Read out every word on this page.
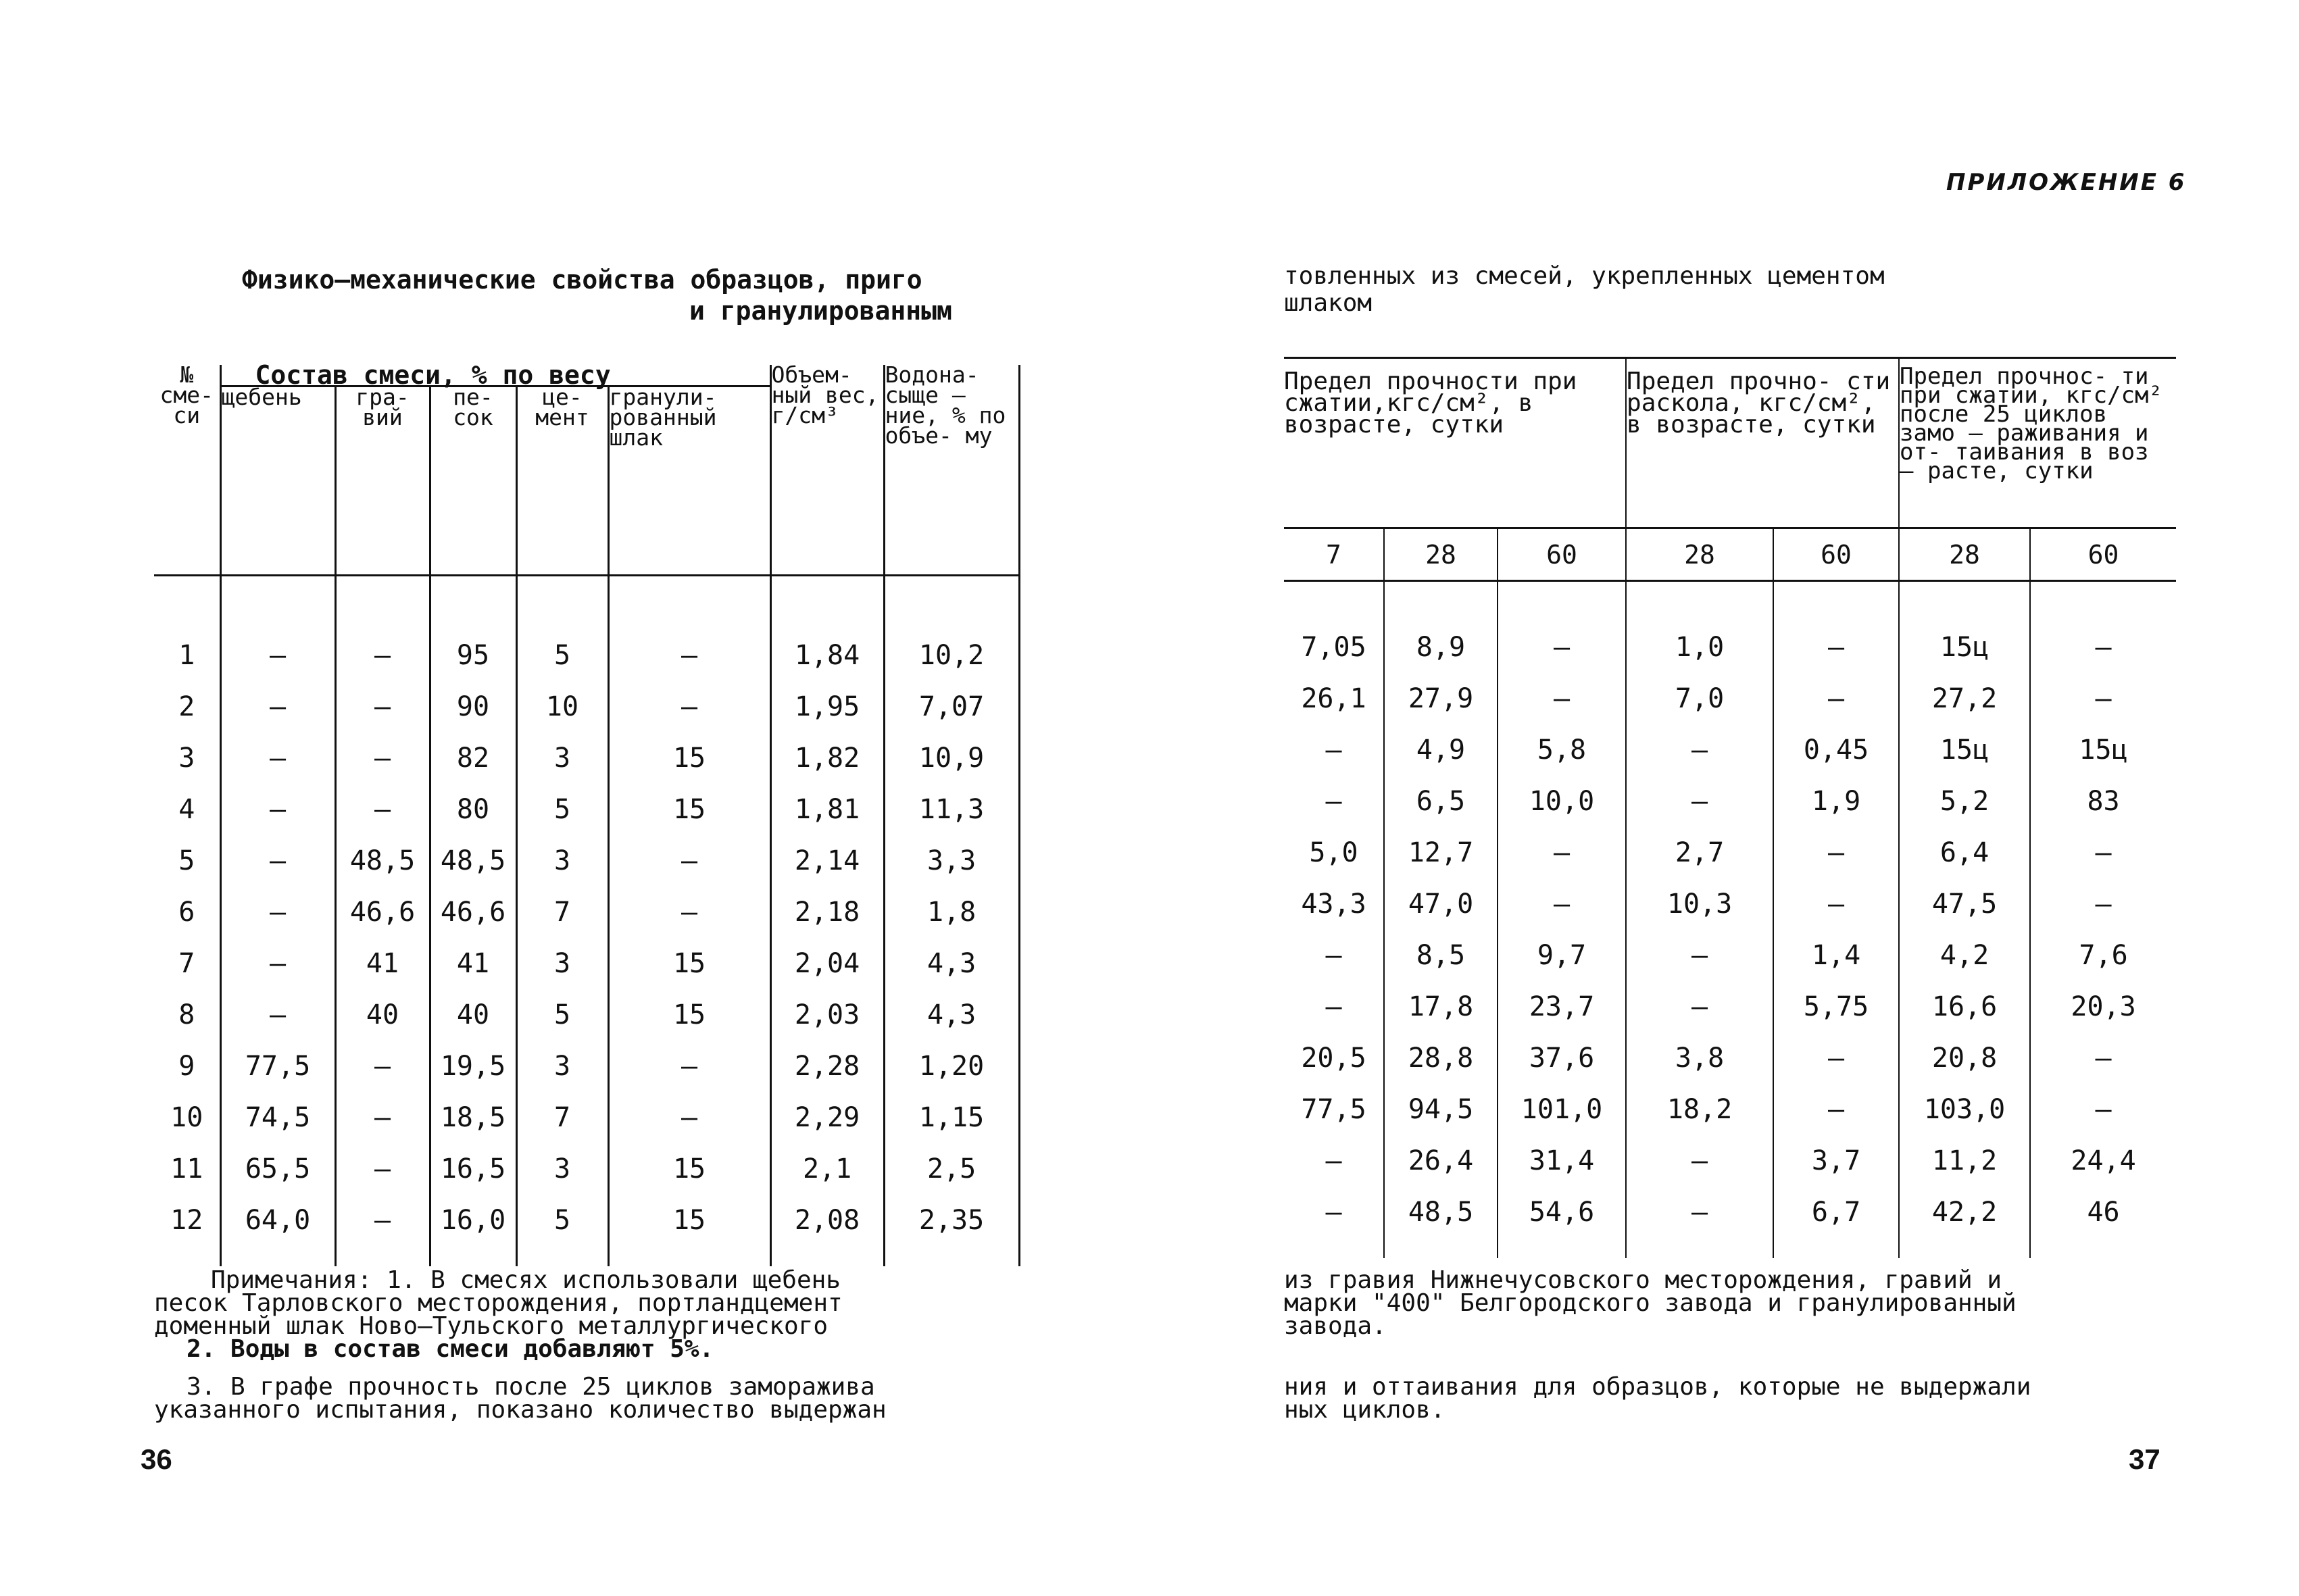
ПРИЛОЖЕНИЕ 6
Физико–механические свойства образцов, приго
и гранулированным
товленных из смесей, укрепленных цементом
шлаком
№ сме- си	Состав смеси, % по весу					Объем- ный вес, г/см³	Водона- сыще – ние, % по объе- му
	щебень	гра- вий	пе- сок	це- мент	гранули- рованный шлак		

1	–	–	95	5	–	1,84	10,2
2	–	–	90	10	–	1,95	7,07
3	–	–	82	3	15	1,82	10,9
4	–	–	80	5	15	1,81	11,3
5	–	48,5	48,5	3	–	2,14	3,3
6	–	46,6	46,6	7	–	2,18	1,8
7	–	41	41	3	15	2,04	4,3
8	–	40	40	5	15	2,03	4,3
9	77,5	–	19,5	3	–	2,28	1,20
10	74,5	–	18,5	7	–	2,29	1,15
11	65,5	–	16,5	3	15	2,1	2,5
12	64,0	–	16,0	5	15	2,08	2,35
Предел прочности при сжатии,кгс/см², в возрасте, сутки			Предел прочно- сти раскола, кгс/см², в возрасте, сутки		Предел прочнос- ти при сжатии, кгс/см² после 25 циклов замо – раживания и от- таивания в воз – расте, сутки	
7	28	60	28	60	28	60

7,05	8,9	–	1,0	–	15ц	–
26,1	27,9	–	7,0	–	27,2	–
–	4,9	5,8	–	0,45	15ц	15ц
–	6,5	10,0	–	1,9	5,2	83
5,0	12,7	–	2,7	–	6,4	–
43,3	47,0	–	10,3	–	47,5	–
–	8,5	9,7	–	1,4	4,2	7,6
–	17,8	23,7	–	5,75	16,6	20,3
20,5	28,8	37,6	3,8	–	20,8	–
77,5	94,5	101,0	18,2	–	103,0	–
–	26,4	31,4	–	3,7	11,2	24,4
–	48,5	54,6	–	6,7	42,2	46
Примечания: 1. В смесях использовали щебень
песок Тарловского месторождения, портландцемент
доменный шлак Ново–Тульского металлургического
2. Воды в состав смеси добавляют 5%.
3. В графе прочность после 25 циклов заморажива
указанного испытания, показано количество выдержан
из гравия Нижнечусовского месторождения, гравий и
марки "400" Белгородского завода и гранулированный
завода.
ния и оттаивания для образцов, которые не выдержали
ных циклов.
36	37
